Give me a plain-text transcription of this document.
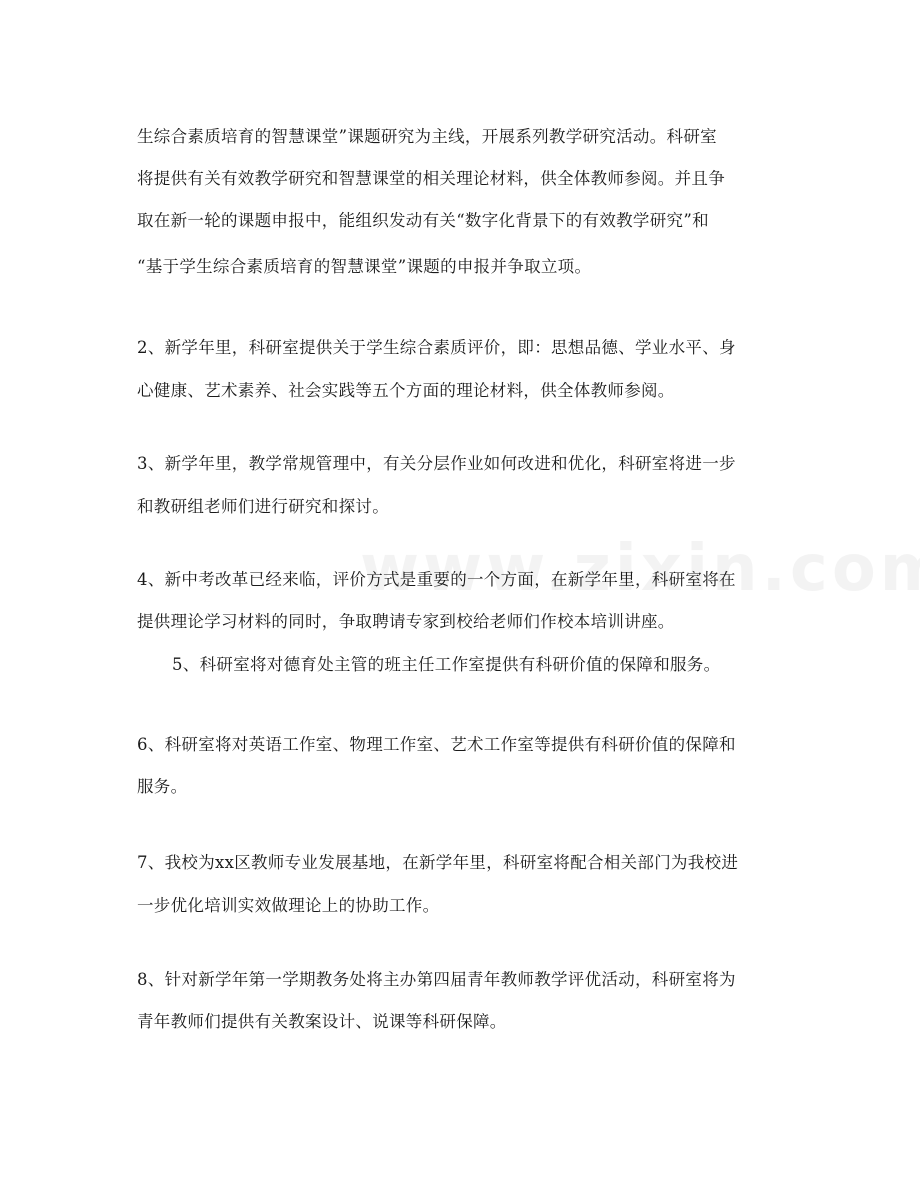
生综合素质培育的智慧课堂”课题研究为主线，开展系列教学研究活动。科研室
将提供有关有效教学研究和智慧课堂的相关理论材料，供全体教师参阅。并且争
取在新一轮的课题申报中，能组织发动有关“数字化背景下的有效教学研究”和
“基于学生综合素质培育的智慧课堂”课题的申报并争取立项。
2、新学年里，科研室提供关于学生综合素质评价，即：思想品德、学业水平、身
心健康、艺术素养、社会实践等五个方面的理论材料，供全体教师参阅。
3、新学年里，教学常规管理中，有关分层作业如何改进和优化，科研室将进一步
和教研组老师们进行研究和探讨。
4、新中考改革已经来临，评价方式是重要的一个方面，在新学年里，科研室将在
提供理论学习材料的同时，争取聘请专家到校给老师们作校本培训讲座。
5、科研室将对德育处主管的班主任工作室提供有科研价值的保障和服务。
6、科研室将对英语工作室、物理工作室、艺术工作室等提供有科研价值的保障和
服务。
7、我校为xx区教师专业发展基地，在新学年里，科研室将配合相关部门为我校进
一步优化培训实效做理论上的协助工作。
8、针对新学年第一学期教务处将主办第四届青年教师教学评优活动，科研室将为
青年教师们提供有关教案设计、说课等科研保障。
